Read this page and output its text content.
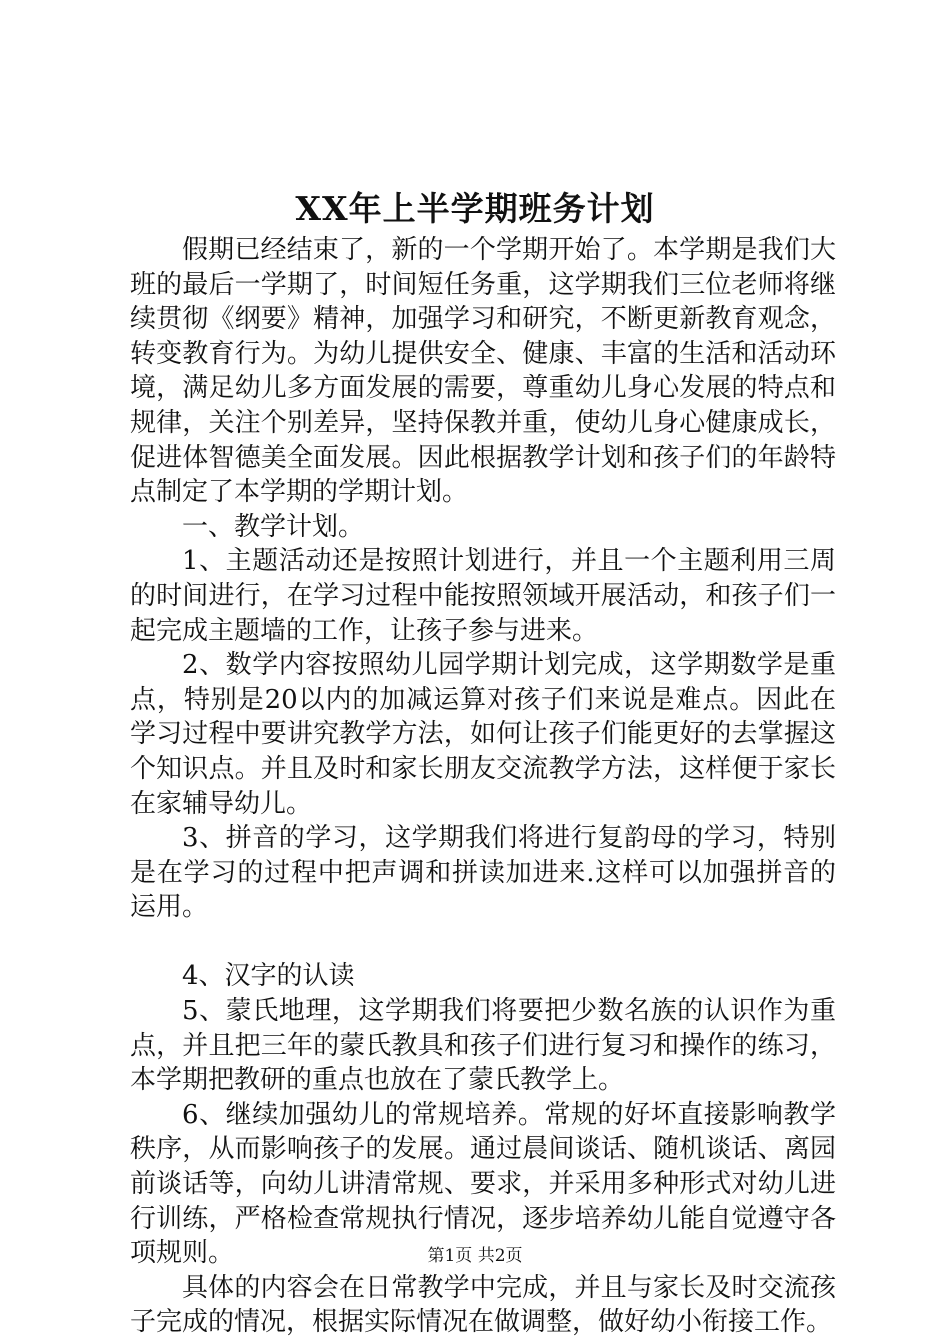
XX年上半学期班务计划

假期已经结束了，新的一个学期开始了。本学期是我们大班的最后一学期了，时间短任务重，这学期我们三位老师将继续贯彻《纲要》精神，加强学习和研究，不断更新教育观念，转变教育行为。为幼儿提供安全、健康、丰富的生活和活动环境，满足幼儿多方面发展的需要，尊重幼儿身心发展的特点和规律，关注个别差异，坚持保教并重，使幼儿身心健康成长，促进体智德美全面发展。因此根据教学计划和孩子们的年龄特点制定了本学期的学期计划。

一、教学计划。

1、主题活动还是按照计划进行，并且一个主题利用三周的时间进行，在学习过程中能按照领域开展活动，和孩子们一起完成主题墙的工作，让孩子参与进来。

2、数学内容按照幼儿园学期计划完成，这学期数学是重点，特别是20以内的加减运算对孩子们来说是难点。因此在学习过程中要讲究教学方法，如何让孩子们能更好的去掌握这个知识点。并且及时和家长朋友交流教学方法，这样便于家长在家辅导幼儿。

3、拼音的学习，这学期我们将进行复韵母的学习，特别是在学习的过程中把声调和拼读加进来.这样可以加强拼音的运用。

4、汉字的认读

5、蒙氏地理，这学期我们将要把少数名族的认识作为重点，并且把三年的蒙氏教具和孩子们进行复习和操作的练习，本学期把教研的重点也放在了蒙氏教学上。

6、继续加强幼儿的常规培养。常规的好坏直接影响教学秩序，从而影响孩子的发展。通过晨间谈话、随机谈话、离园前谈话等，向幼儿讲清常规、要求，并采用多种形式对幼儿进行训练，严格检查常规执行情况，逐步培养幼儿能自觉遵守各项规则。

具体的内容会在日常教学中完成，并且与家长及时交流孩子完成的情况，根据实际情况在做调整，做好幼小衔接工作。

第1页 共2页
